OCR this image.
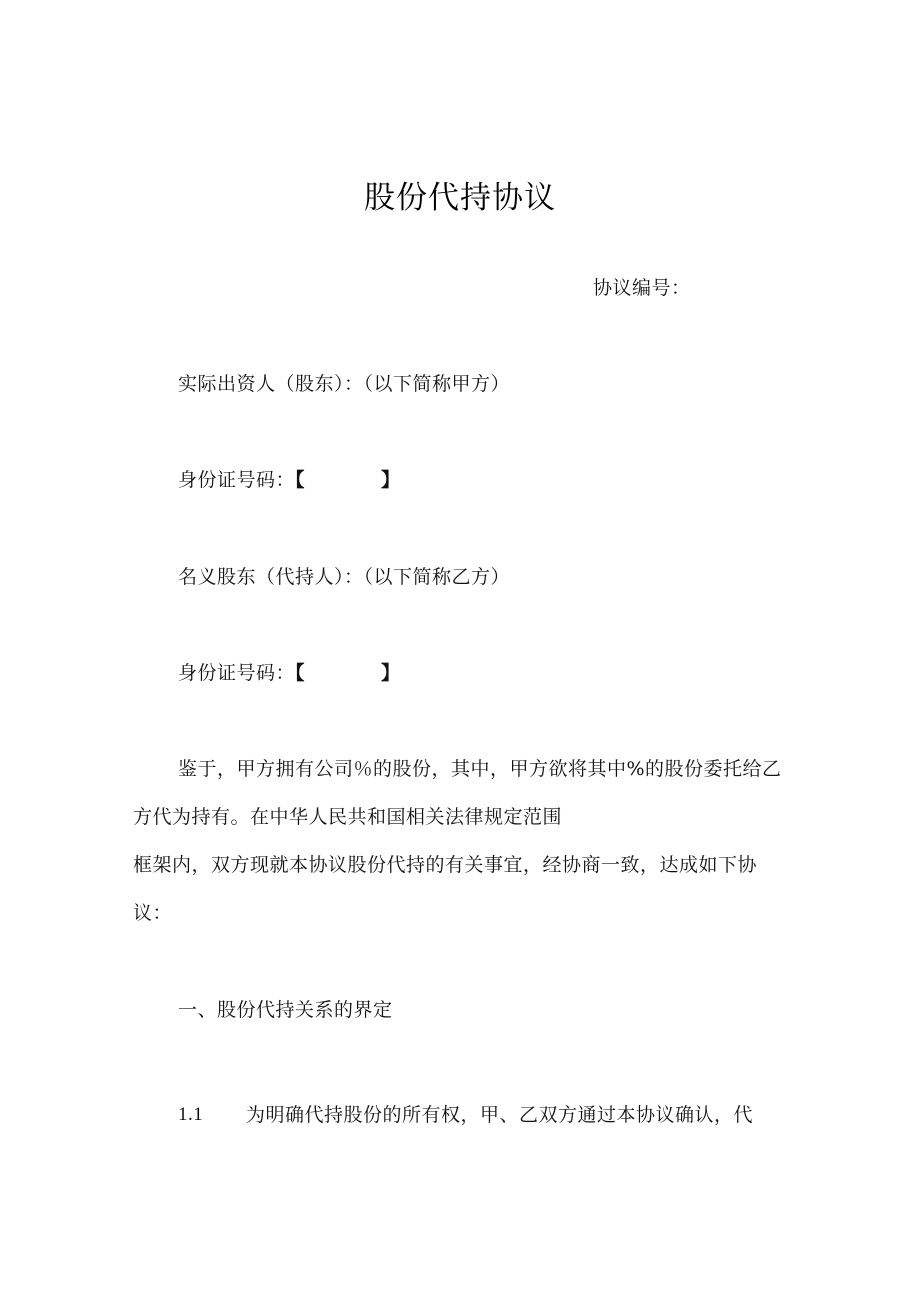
股份代持协议
协议编号：
实际出资人（股东）：（以下简称甲方）
身份证号码：【	】
名义股东（代持人）：（以下简称乙方）
身份证号码：【	】
鉴于，甲方拥有公司％的股份，其中，甲方欲将其中%的股份委托给乙
方代为持有。在中华人民共和国相关法律规定范围
框架内，双方现就本协议股份代持的有关事宜，经协商一致，达成如下协
议：
一、股份代持关系的界定
1.1 为明确代持股份的所有权，甲、乙双方通过本协议确认，代
